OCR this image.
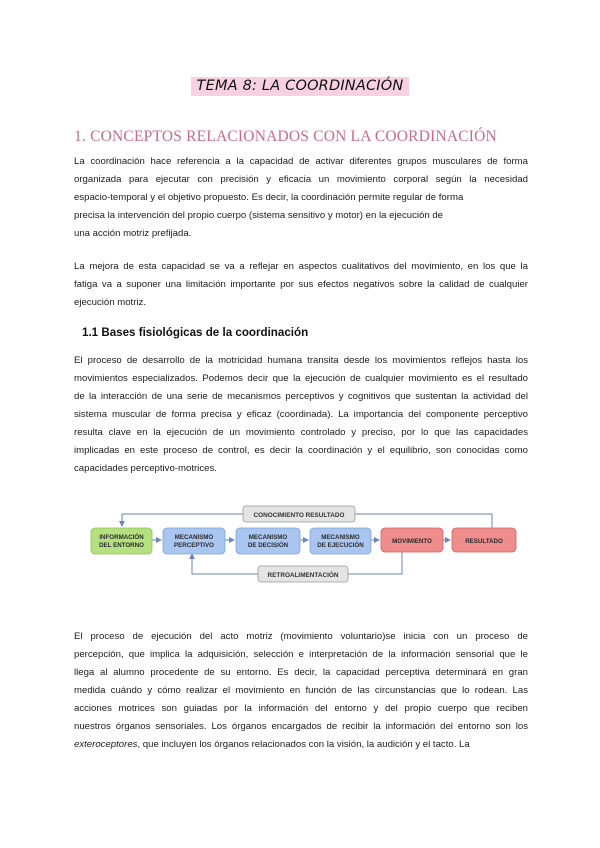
TEMA 8: LA COORDINACIÓN
1. CONCEPTOS RELACIONADOS CON LA COORDINACIÓN
La coordinación hace referencia a la capacidad de activar diferentes grupos musculares de forma
organizada para ejecutar con precisión y eficacia un movimiento corporal según la necesidad
espacio-temporal y el objetivo propuesto. Es decir, la coordinación permite regular de forma
precisa la intervención del propio cuerpo (sistema sensitivo y motor) en la ejecución de
una acción motriz prefijada.
La mejora de esta capacidad se va a reflejar en aspectos cualitativos del movimiento, en los que la
fatiga va a suponer una limitación importante por sus efectos negativos sobre la calidad de cualquier
ejecución motriz.
1.1 Bases fisiológicas de la coordinación
El proceso de desarrollo de la motricidad humana transita desde los movimientos reflejos hasta los
movimientos especializados. Podemos decir que la ejecución de cualquier movimiento es el resultado
de la interacción de una serie de mecanismos perceptivos y cognitivos que sustentan la actividad del
sistema muscular de forma precisa y eficaz (coordinada). La importancia del componente perceptivo
resulta clave en la ejecución de un movimiento controlado y preciso, por lo que las capacidades
implicadas en este proceso de control, es decir la coordinación y el equilibrio, son conocidas como
capacidades perceptivo-motrices.
CONOCIMIENTO RESULTADO
RETROALIMENTACIÓN
INFORMACIÓN
DEL ENTORNO
MECANISMO
PERCEPTIVO
MECANISMO
DE DECISIÓN
MECANISMO
DE EJECUCIÓN
MOVIMIENTO	RESULTADO
El proceso de ejecución del acto motriz (movimiento voluntario)se inicia con un proceso de
percepción, que implica la adquisición, selección e interpretación de la información sensorial que le
llega al alumno procedente de su entorno. Es decir, la capacidad perceptiva determinará en gran
medida cuándo y cómo realizar el movimiento en función de las circunstancias que lo rodean. Las
acciones motrices son guiadas por la información del entorno y del propio cuerpo que reciben
nuestros órganos sensoriales. Los órganos encargados de recibir la información del entorno son los
exteroceptores, que incluyen los órganos relacionados con la visión, la audición y el tacto. La
